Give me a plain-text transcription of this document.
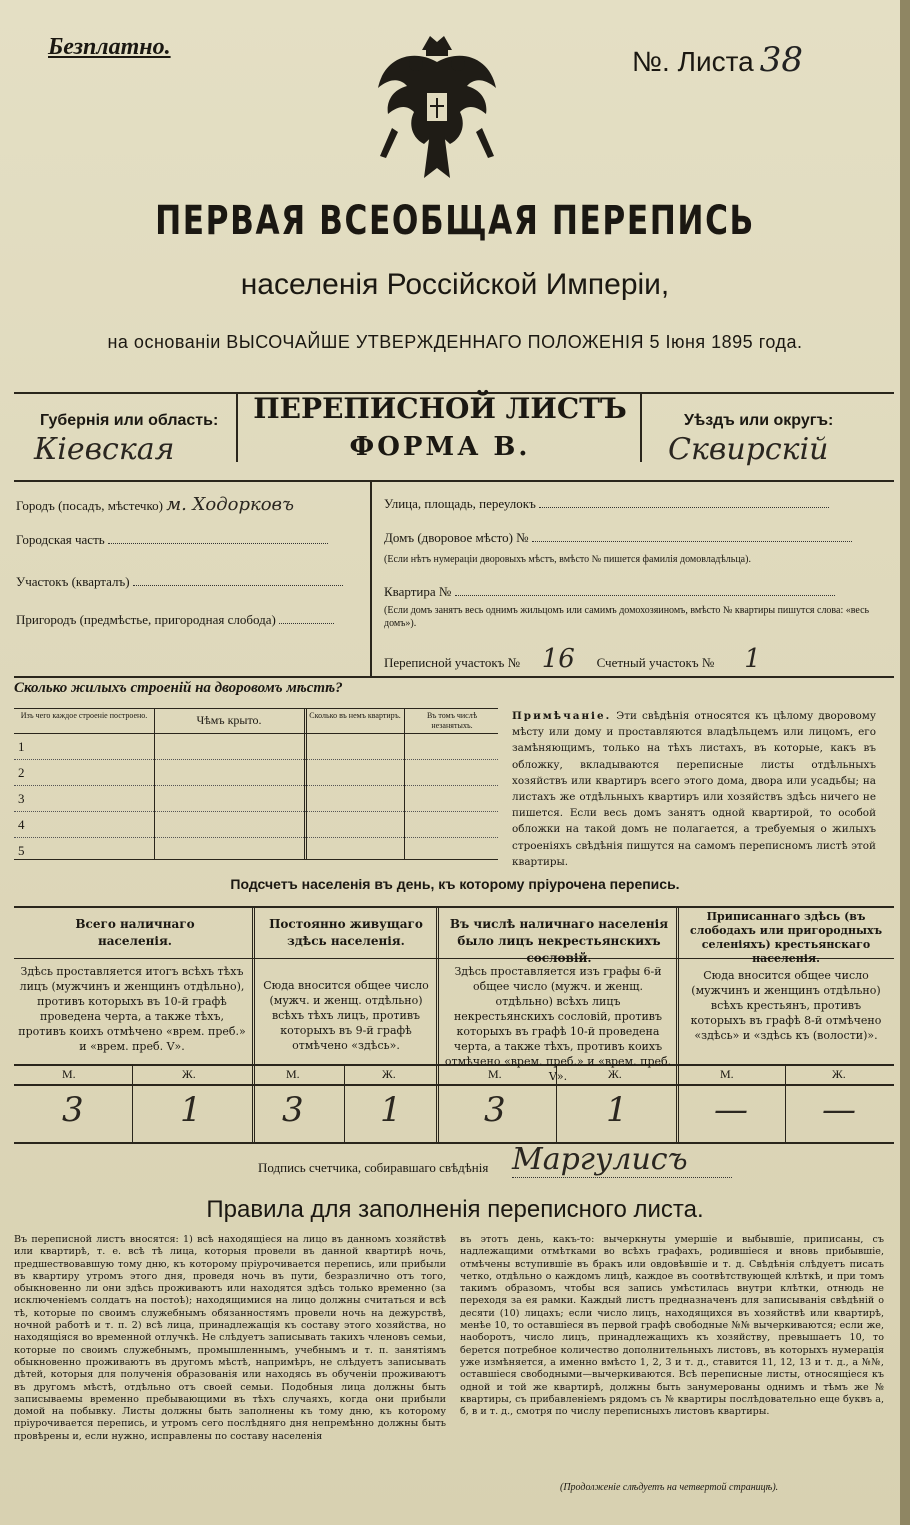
Безплатно.	№. Листа 38
ПЕРВАЯ ВСЕОБЩАЯ ПЕРЕПИСЬ
населенія Россійской Имперіи,
на основаніи ВЫСОЧАЙШЕ УТВЕРЖДЕННАГО ПОЛОЖЕНІЯ 5 Іюня 1895 года.
Губернія или область:
Кіевская
ПЕРЕПИСНОЙ ЛИСТЪ
ФОРМА В.
Уѣздъ или округъ:
Сквирскій
Городъ (посадъ, мѣстечко) м. Ходорковъ
Городская часть
Участокъ (кварталъ)
Пригородъ (предмѣстье, пригородная слобода)
Улица, площадь, переулокъ
Домъ (дворовое мѣсто) №
(Если нѣтъ нумераціи дворовыхъ мѣстъ, вмѣсто № пишется фамилія домовладѣльца).
Квартира №
(Если домъ занятъ весь однимъ жильцомъ или самимъ домохозяиномъ, вмѣсто № квартиры пишутся слова: «весь домъ»).
Переписной участокъ № 16 Счетный участокъ № 1
Сколько жилыхъ строеній на дворовомъ мѣстѣ?
Изъ чего каждое строеніе построено.	Чѣмъ крыто.	Сколько въ немъ квартиръ.	Въ томъ числѣ незанятыхъ.
1
2
3
4
5
Примѣчаніе. Эти свѣдѣнія относятся къ цѣлому дворовому мѣсту или дому и проставляются владѣльцемъ или лицомъ, его замѣняющимъ, только на тѣхъ листахъ, въ которые, какъ въ обложку, вкладываются переписные листы отдѣльныхъ хозяйствъ или квартиръ всего этого дома, двора или усадьбы; на листахъ же отдѣльныхъ квартиръ или хозяйствъ здѣсь ничего не пишется. Если весь домъ занятъ одной квартирой, то особой обложки на такой домъ не полагается, а требуемыя о жилыхъ строеніяхъ свѣдѣнія пишутся на самомъ переписномъ листѣ этой квартиры.
Подсчетъ населенія въ день, къ которому пріурочена перепись.
Всего наличнаго населенія.
Постоянно живущаго здѣсь населенія.
Въ числѣ наличнаго населенія было лицъ некрестьянскихъ сословій.
Приписаннаго здѣсь (въ слободахъ или пригородныхъ селеніяхъ) крестьянскаго населенія.
Здѣсь проставляется итогъ всѣхъ тѣхъ лицъ (мужчинъ и женщинъ отдѣльно), противъ которыхъ въ 10-й графѣ проведена черта, а также тѣхъ, противъ коихъ отмѣчено «врем. преб.» и «врем. преб. V».
Сюда вносится общее число (мужч. и женщ. отдѣльно) всѣхъ тѣхъ лицъ, противъ которыхъ въ 9-й графѣ отмѣчено «здѣсь».
Здѣсь проставляется изъ графы 6-й общее число (мужч. и женщ. отдѣльно) всѣхъ лицъ некрестьянскихъ сословій, противъ которыхъ въ графѣ 10-й проведена черта, а также тѣхъ, противъ коихъ отмѣчено «врем. преб.» и «врем. преб. V».
Сюда вносится общее число (мужчинъ и женщинъ отдѣльно) всѣхъ крестьянъ, противъ которыхъ въ графѣ 8-й отмѣчено «здѣсь» и «здѣсь къ (волости)».
М.	Ж.	М.	Ж.	М.	Ж.	М.	Ж.
3	1 3 1 3	1	— —
Подпись счетчика, собиравшаго свѣдѣнія Маргулисъ
Правила для заполненія переписного листа.
Въ переписной листъ вносятся: 1) всѣ находящіеся на лицо въ данномъ хозяйствѣ или квартирѣ, т. е. всѣ тѣ лица, которыя провели въ данной квартирѣ ночь, предшествовавшую тому дню, къ которому пріурочивается перепись, или прибыли въ квартиру утромъ этого дня, проведя ночь въ пути, безразлично отъ того, обыкновенно ли они здѣсь проживаютъ или находятся здѣсь только временно (за исключеніемъ солдатъ на постоѣ); находящимися на лицо должны считаться и всѣ тѣ, которые по своимъ служебнымъ обязанностямъ провели ночь на дежурствѣ, ночной работѣ и т. п. 2) всѣ лица, принадлежащія къ составу этого хозяйства, но находящіяся во временной отлучкѣ. Не слѣдуетъ записывать такихъ членовъ семьи, которые по своимъ служебнымъ, промышленнымъ, учебнымъ и т. п. занятіямъ обыкновенно проживаютъ въ другомъ мѣстѣ, напримѣръ, не слѣдуетъ записывать дѣтей, которыя для полученія образованія или находясь въ обученіи проживаютъ въ другомъ мѣстѣ, отдѣльно отъ своей семьи. Подобныя лица должны быть записываемы временно пребывающими въ тѣхъ случаяхъ, когда они прибыли домой на побывку. Листы должны быть заполнены къ тому дню, къ которому пріурочивается перепись, и утромъ сего послѣдняго дня непремѣнно должны быть провѣрены и, если нужно, исправлены по составу населенія
въ этотъ день, какъ-то: вычеркнуты умершіе и выбывшіе, приписаны, съ надлежащими отмѣтками во всѣхъ графахъ, родившіеся и вновь прибывшіе, отмѣчены вступившіе въ бракъ или овдовѣвшіе и т. д. Свѣдѣнія слѣдуетъ писать четко, отдѣльно о каждомъ лицѣ, каждое въ соотвѣтствующей клѣткѣ, и при томъ такимъ образомъ, чтобы вся запись умѣстилась внутри клѣтки, отнюдь не переходя за ея рамки. Каждый листъ предназначенъ для записыванія свѣдѣній о десяти (10) лицахъ; если число лицъ, находящихся въ хозяйствѣ или квартирѣ, менѣе 10, то оставшіеся въ первой графѣ свободные №№ вычеркиваются; если же, наоборотъ, число лицъ, принадлежащихъ къ хозяйству, превышаетъ 10, то берется потребное количество дополнительныхъ листовъ, въ которыхъ нумерація уже измѣняется, а именно вмѣсто 1, 2, 3 и т. д., ставится 11, 12, 13 и т. д., а №№, оставшіеся свободными—вычеркиваются. Всѣ переписные листы, относящіеся къ одной и той же квартирѣ, должны быть занумерованы однимъ и тѣмъ же № квартиры, съ прибавленіемъ рядомъ съ № квартиры послѣдовательно еще буквъ а, б, в и т. д., смотря по числу переписныхъ листовъ квартиры.
(Продолженіе слѣдуетъ на четвертой страницѣ).
